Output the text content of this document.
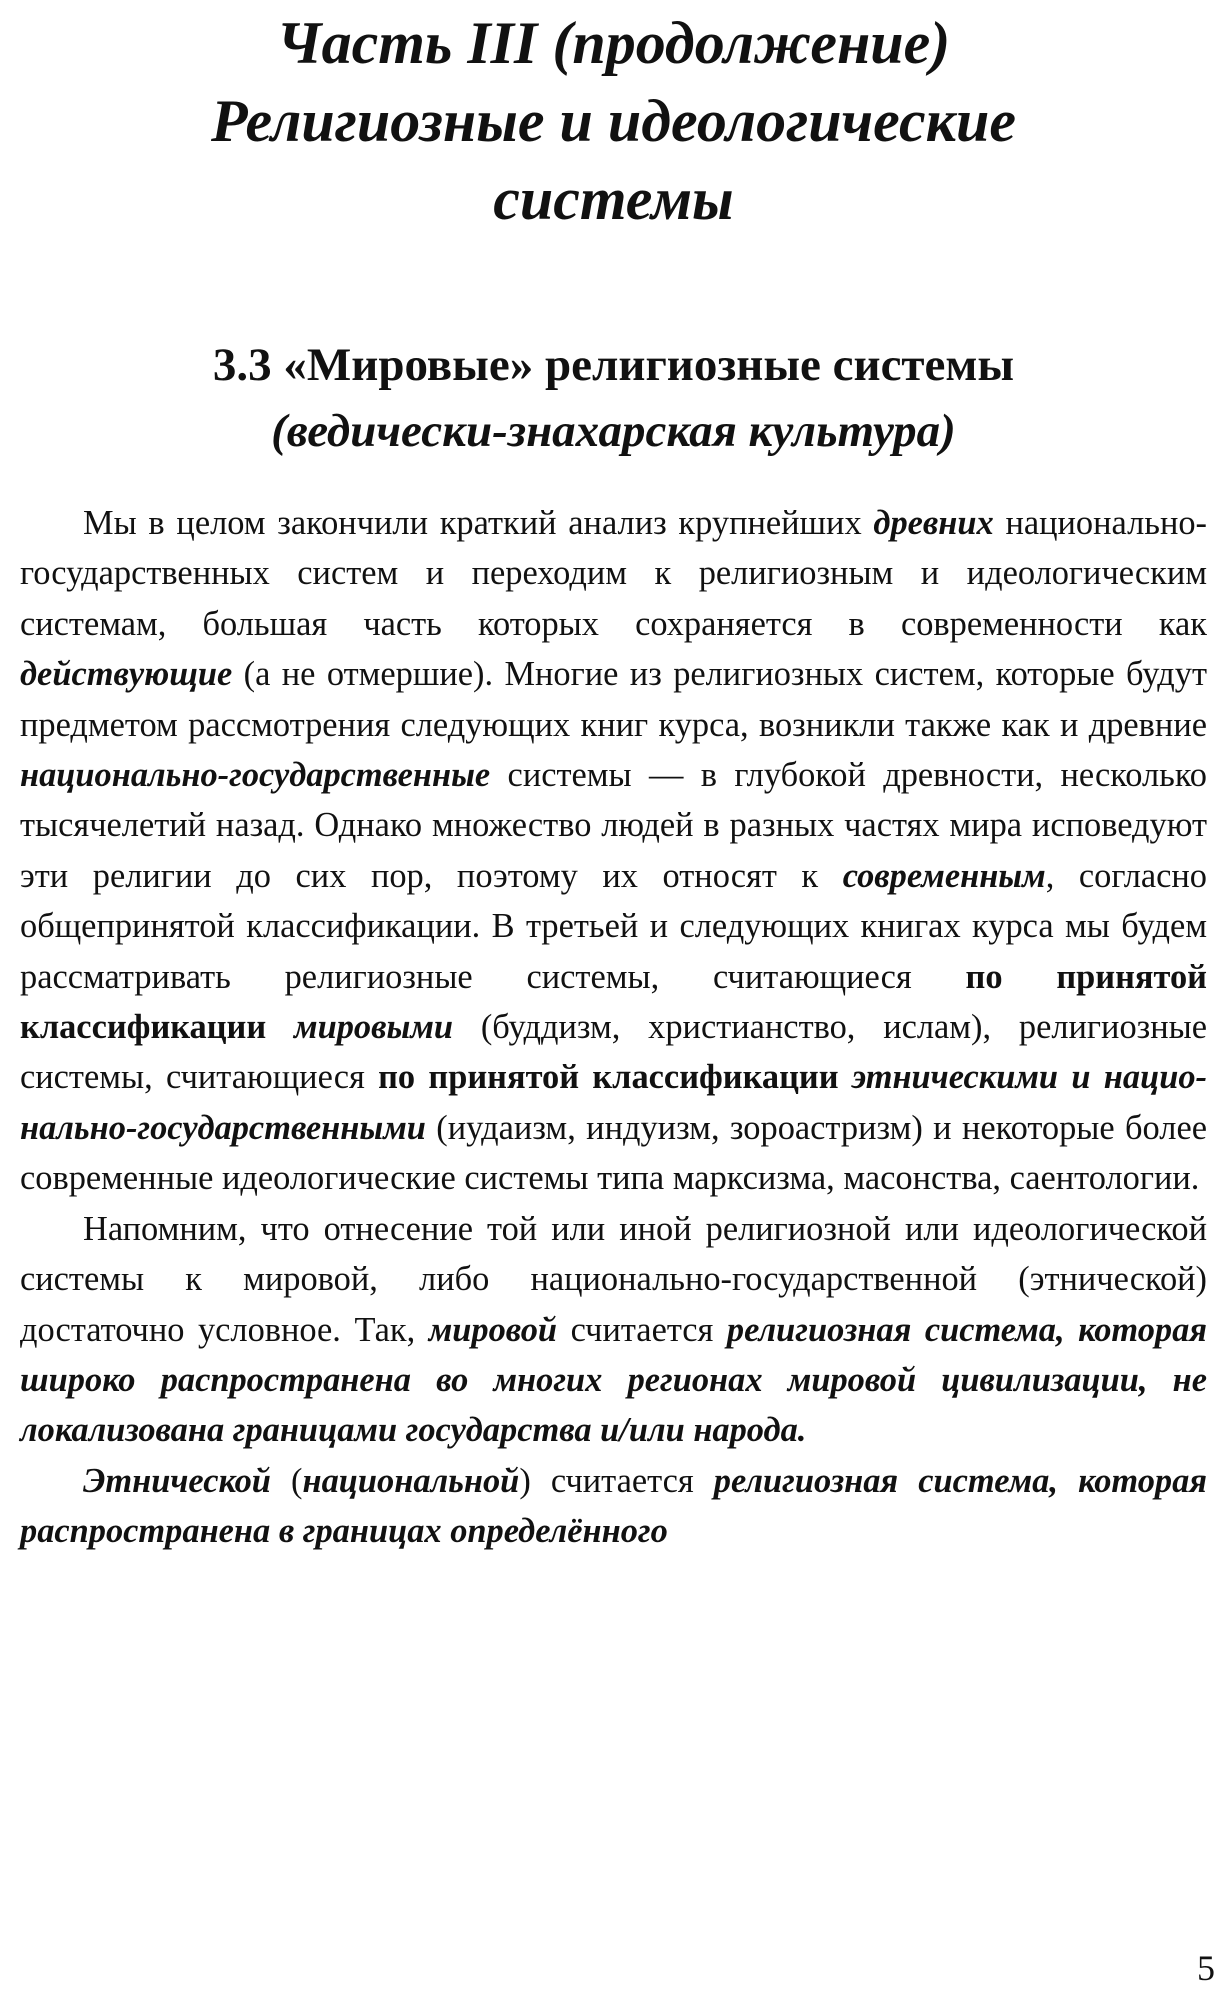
Часть III (продолжение)
Религиозные и идеологические
системы
3.3 «Мировые» религиозные системы
(ведически-знахарская культура)

Мы в целом закончили краткий анализ крупнейших древних национально-государственных систем и переходим к религиозным и идеологическим системам, большая часть которых сохраняется в современности как действующие (а не отмершие). Многие из религиозных систем, которые будут предметом рассмотрения следующих книг курса, возникли также как и древние национально-государственные системы — в глубокой древности, несколько тысячелетий назад. Однако множество людей в разных частях мира исповедуют эти религии до сих пор, поэтому их относят к современным, согласно общепринятой классификации. В третьей и следующих книгах курса мы будем рассматривать религиозные системы, считающиеся по принятой классификации мировыми (буддизм, христианство, ислам), религиозные системы, считающиеся по принятой классификации этническими и национально-государственными (иудаизм, индуизм, зороастризм) и некоторые более современные идеологические системы типа марксизма, масонства, саентологии.

Напомним, что отнесение той или иной религиозной или идеологической системы к мировой, либо национально-государственной (этнической) достаточно условное. Так, мировой считается религиозная система, которая широко распространена во многих регионах мировой цивилизации, не локализована границами государства и/или народа.

Этнической (национальной) считается религиозная система, которая распространена в границах определённого

5
